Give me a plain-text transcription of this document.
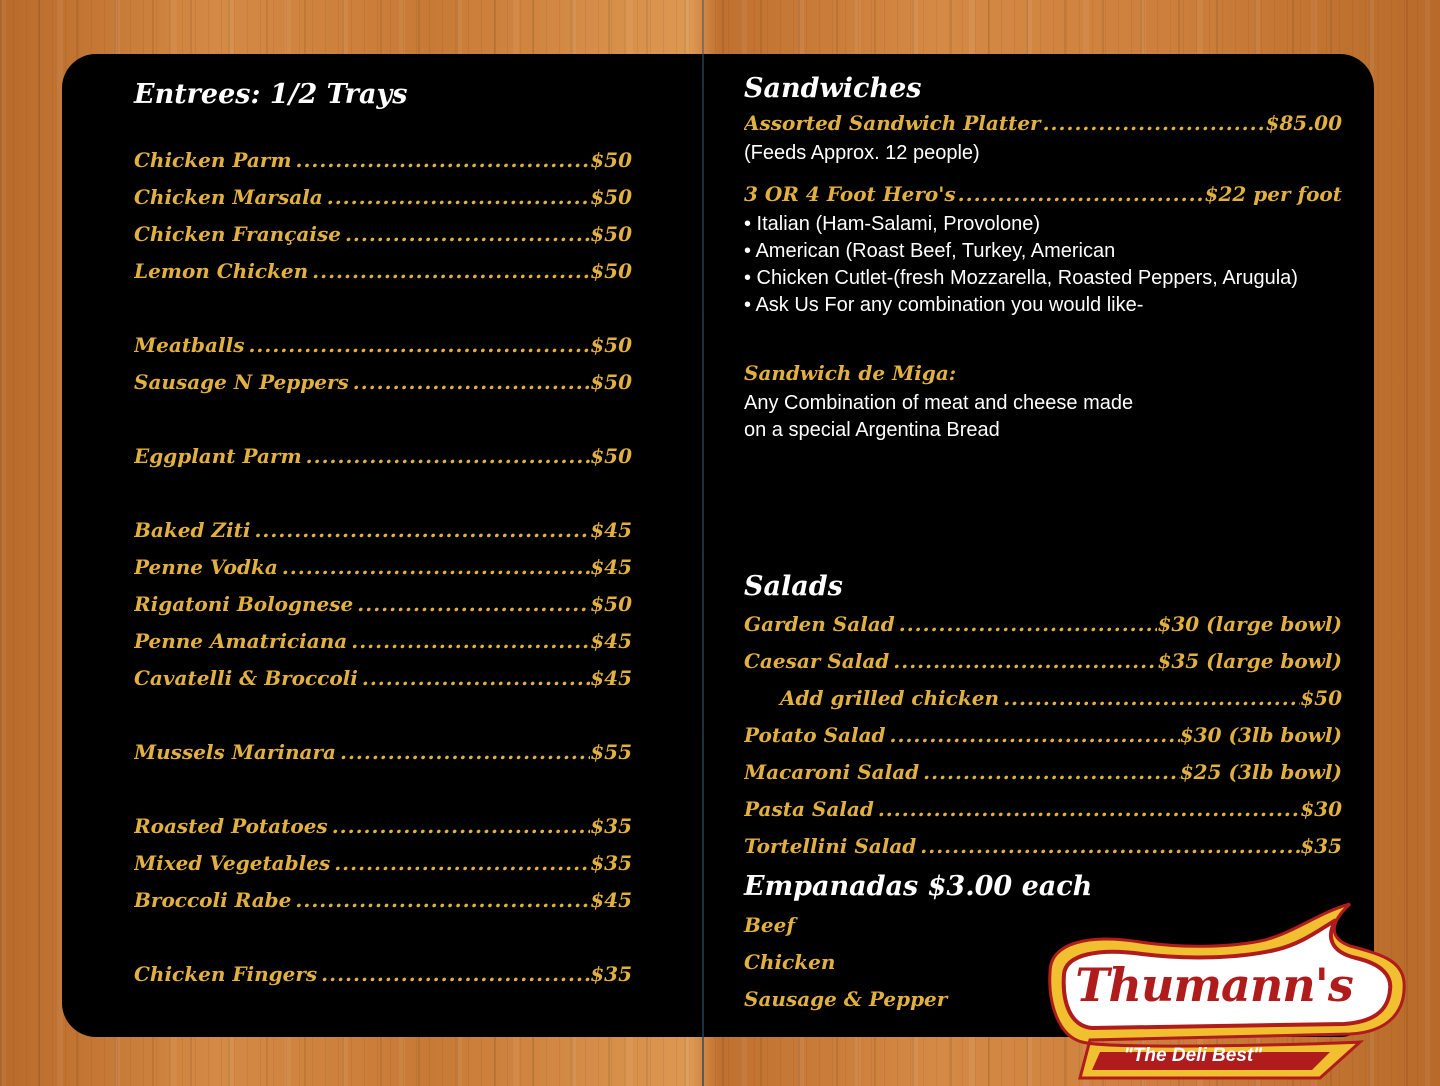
Entrees: 1/2 Trays
Chicken Parm .....	$50
Chicken Marsala .....	$50
Chicken Française .....	$50
Lemon Chicken .....	$50
Meatballs .....	$50
Sausage N Peppers .....	$50
Eggplant Parm .....	$50
Baked Ziti .....	$45
Penne Vodka .....	$45
Rigatoni Bolognese .....	$50
Penne Amatriciana .....	$45
Cavatelli & Broccoli .....	$45
Mussels Marinara .....	$55
Roasted Potatoes .....	$35
Mixed Vegetables .....	$35
Broccoli Rabe .....	$45
Chicken Fingers .....	$35
Sandwiches
Assorted Sandwich Platter .....	$85.00
(Feeds Approx. 12 people)
3 OR 4 Foot Hero's .....	$22 per foot
• Italian (Ham-Salami, Provolone)
• American (Roast Beef, Turkey, American
• Chicken Cutlet-(fresh Mozzarella, Roasted Peppers, Arugula)
• Ask Us For any combination you would like-
Sandwich de Miga:
Any Combination of meat and cheese made
on a special Argentina Bread
Salads
Garden Salad .....	$30 (large bowl)
Caesar Salad .....	$35 (large bowl)
Add grilled chicken .....	$50
Potato Salad .....	$30 (3lb bowl)
Macaroni Salad .....	$25 (3lb bowl)
Pasta Salad .....	$30
Tortellini Salad .....	$35
Empanadas $3.00 each
Beef
Chicken
Sausage & Pepper	Thumann's
"The Deli Best"
